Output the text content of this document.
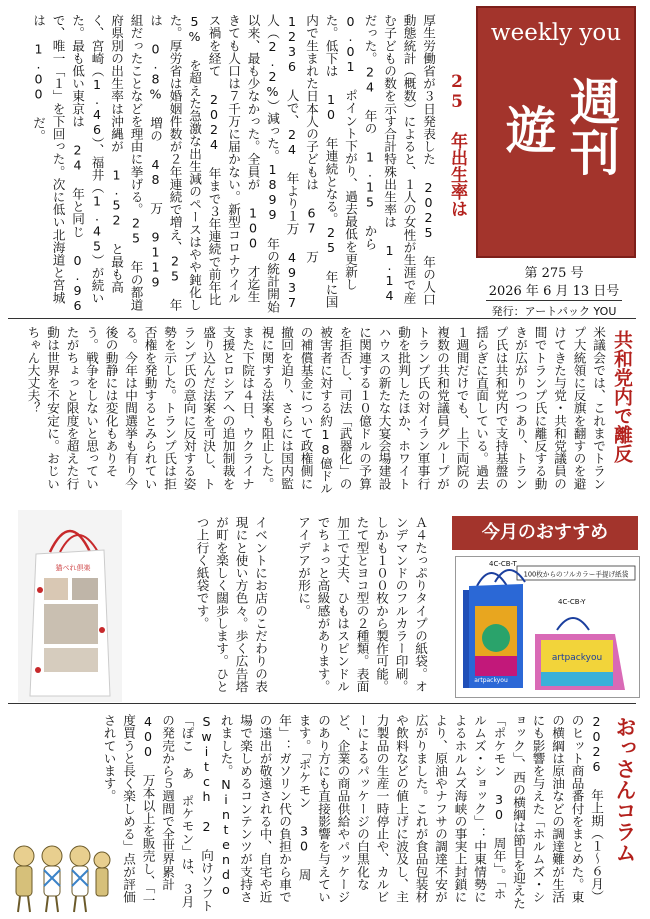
weekly you
週刊
遊
第 275 号
2026 年 6 月 13 日号
発行：アートパック YOU
25 年出生率は

厚生労働省が３日発表した 2025 年の人口動態統計（概数）によると、１人の女性が生涯で産む子どもの数を示す合計特殊出生率は 1.14 だった。24 年の 1.15 から 0.01 ポイント下がり、過去最低を更新した。低下は 10 年連続となる。25 年に国内で生まれた日本人の子どもは 67 万 1236 人で、24 年より１万 4937 人（2.2%）減った。1899 年の統計開始以来、最も少なかった。全員が 100 才迄生きても人口は７千万に届かない。新型コロナウイルス禍を経て 2024 年まで３年連続で前年比 5% を超えた急激な出生減のペースはやや鈍化した。厚労省は婚姻件数が２年連続で増え、25 年は 0.8% 増の 48 万 9119 組だったことなどを理由に挙げる。25 年の都道府県別の出生率は沖縄が 1.52 と最も高く、宮崎（1.46）、福井（1.45）が続いた。最も低い東京は 24 年と同じ 0.96 で、唯一「１」を下回った。次に低い北海道と宮城は 1.00 だ。

共和党内で離反

米議会では、これまでトランプ大統領に反旗を翻すのを避けてきた与党・共和党議員の間でトランプ氏に離反する動きが広がりつつあり、トランプ氏は共和党内で支持基盤の揺らぎに直面している。過去１週間だけでも、上下両院の複数の共和党議員グループがトランプ氏の対イラン軍事行動を批判したほか、ホワイトハウスの新たな大宴会場建設に関連する１０億ドルの予算を拒否し、司法「武器化」の被害者に対する約18億ドルの補償基金について政権側に撤回を迫り、さらには国内監視に関する法案も阻止した。また下院は４日、ウクライナ支援とロシアへの追加制裁を盛り込んだ法案を可決し、トランプ氏の意向に反対する姿勢を示した。トランプ氏は拒否権を発動するとみられている。今年は中間選挙も有り今後の動静には変化もありそう。戦争をしないと思っていたがちょっと限度を超えた行動は世界を不安定に。おじいちゃん大丈夫？

今月のおすすめ
100枚からのフルカラー手提げ紙袋
4C-CB-T
4C-CB-Y
artpackyou
artpackyou

Ａ４たっぷりタイプの紙袋。オンデマンドのフルカラー印刷。しかも１００枚から製作可能。たて型とヨコ型の２種類。表面加工で丈夫、ひもはスピンドルでちょっと高級感があります。アイデアが形に。

イベントにお店のこだわりの表現にと使い方色々。歩く広告塔が町を楽しく闊歩します。ひとつ上行く紙袋です。

猫ぺれ倶楽
おっさんコラム

2026 年上期（１〜６月）のヒット商品番付をまとめた。東の横綱は原油などの調達難が生活にも影響を与えた「ホルムズ・ショック」、西の横綱は節目を迎えた「ポケモン 30 周年」。「ホルムズ・ショック」：中東情勢によるホルムズ海峡の事実上封鎖により、原油やナフサの調達不安が広がりました。これが食品包装材や飲料などの値上げに波及し、主力製品の生産一時停止や、カルビーによるパッケージの白黒化など、企業の商品供給やパッケージのあり方にも直接影響を与えています。「ポケモン 30 周年」：ガソリン代の負担から車での遠出が敬遠される中、自宅や近場で楽しめるコンテンツが支持されました。Nintendo Switch 2 向けソフト「ぽこ あ ポケモン」は、３月の発売から５週間で全世界累計 400 万本以上を販売し、「一度買うと長く楽しめる」点が評価されています。
